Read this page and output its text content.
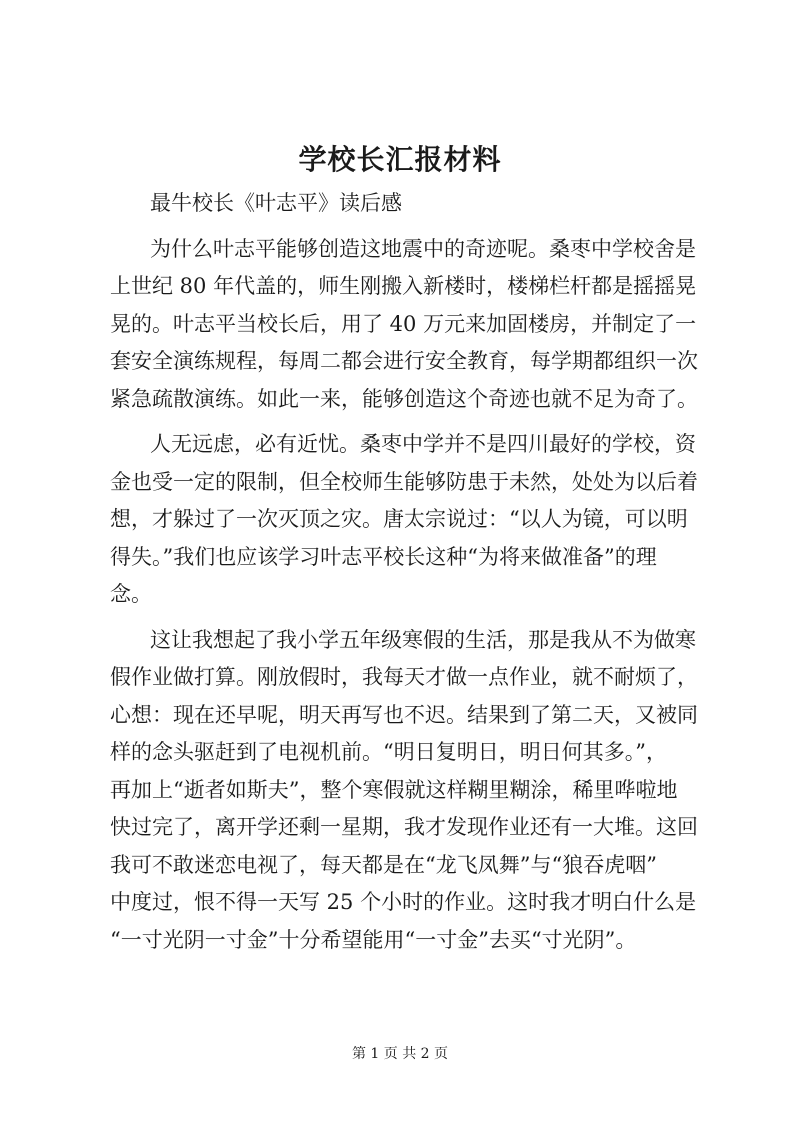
学校长汇报材料

最牛校长《叶志平》读后感

为什么叶志平能够创造这地震中的奇迹呢。桑枣中学校舍是
上世纪 80 年代盖的，师生刚搬入新楼时，楼梯栏杆都是摇摇晃
晃的。叶志平当校长后，用了 40 万元来加固楼房，并制定了一
套安全演练规程，每周二都会进行安全教育，每学期都组织一次
紧急疏散演练。如此一来，能够创造这个奇迹也就不足为奇了。

人无远虑，必有近忧。桑枣中学并不是四川最好的学校，资
金也受一定的限制，但全校师生能够防患于未然，处处为以后着
想，才躲过了一次灭顶之灾。唐太宗说过：“以人为镜，可以明
得失。”我们也应该学习叶志平校长这种“为将来做准备”的理
念。

这让我想起了我小学五年级寒假的生活，那是我从不为做寒
假作业做打算。刚放假时，我每天才做一点作业，就不耐烦了，
心想：现在还早呢，明天再写也不迟。结果到了第二天，又被同
样的念头驱赶到了电视机前。“明日复明日，明日何其多。”，
再加上“逝者如斯夫”，整个寒假就这样糊里糊涂，稀里哗啦地
快过完了，离开学还剩一星期，我才发现作业还有一大堆。这回
我可不敢迷恋电视了，每天都是在“龙飞凤舞”与“狼吞虎咽”
中度过，恨不得一天写 25 个小时的作业。这时我才明白什么是
“一寸光阴一寸金”十分希望能用“一寸金”去买“寸光阴”。

第 1 页 共 2 页
